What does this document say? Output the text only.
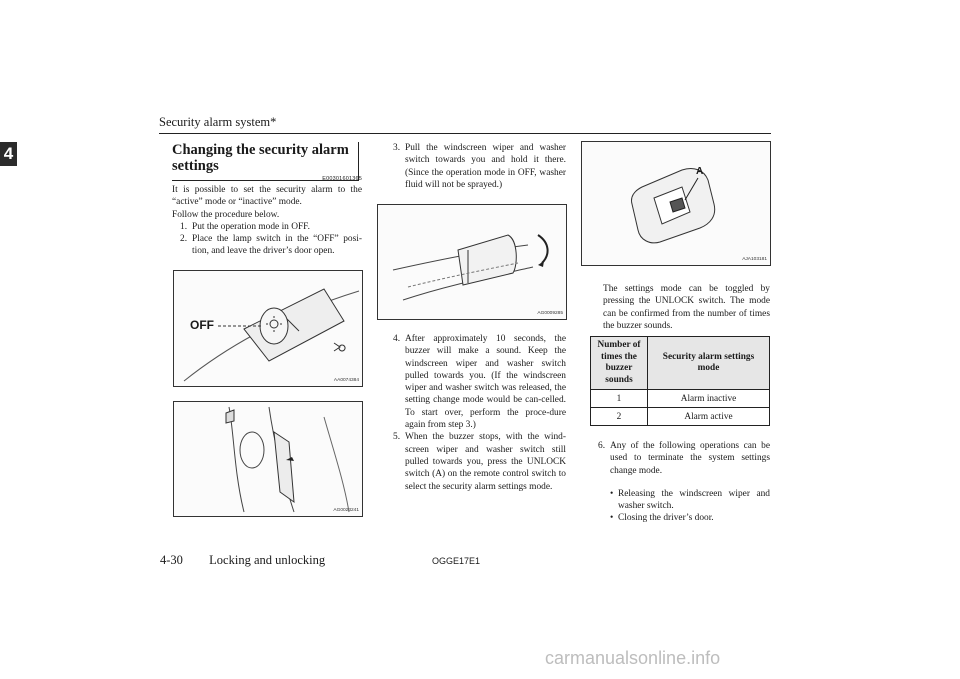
Security alarm system*
4	Changing the security alarm settings
E00301601365
It is possible to set the security alarm to the “active” mode or “inactive” mode.
Follow the procedure below.
1. Put the operation mode in OFF.
2. Place the lamp switch in the “OFF” posi-tion, and leave the driver’s door open.
OFF
AA0074384
AG0023241
3. Pull the windscreen wiper and washer switch towards you and hold it there. (Since the operation mode in OFF, washer fluid will not be sprayed.)
AG0009285
4. After approximately 10 seconds, the buzzer will make a sound. Keep the windscreen wiper and washer switch pulled towards you. (If the windscreen wiper and washer switch was released, the setting change mode would be can-celled. To start over, perform the proce-dure again from step 3.)
5. When the buzzer stops, with the wind-screen wiper and washer switch still pulled towards you, press the UNLOCK switch (A) on the remote control switch to select the security alarm settings mode.
A
AJA103181
The settings mode can be toggled by pressing the UNLOCK switch. The mode can be confirmed from the number of times the buzzer sounds.
Number of times the buzzer sounds	Security alarm settings mode
1	Alarm inactive
2	Alarm active
6. Any of the following operations can be used to terminate the system settings change mode.
• Releasing the windscreen wiper and washer switch.
• Closing the driver’s door.
4-30 Locking and unlocking	OGGE17E1
carmanualsonline.info
